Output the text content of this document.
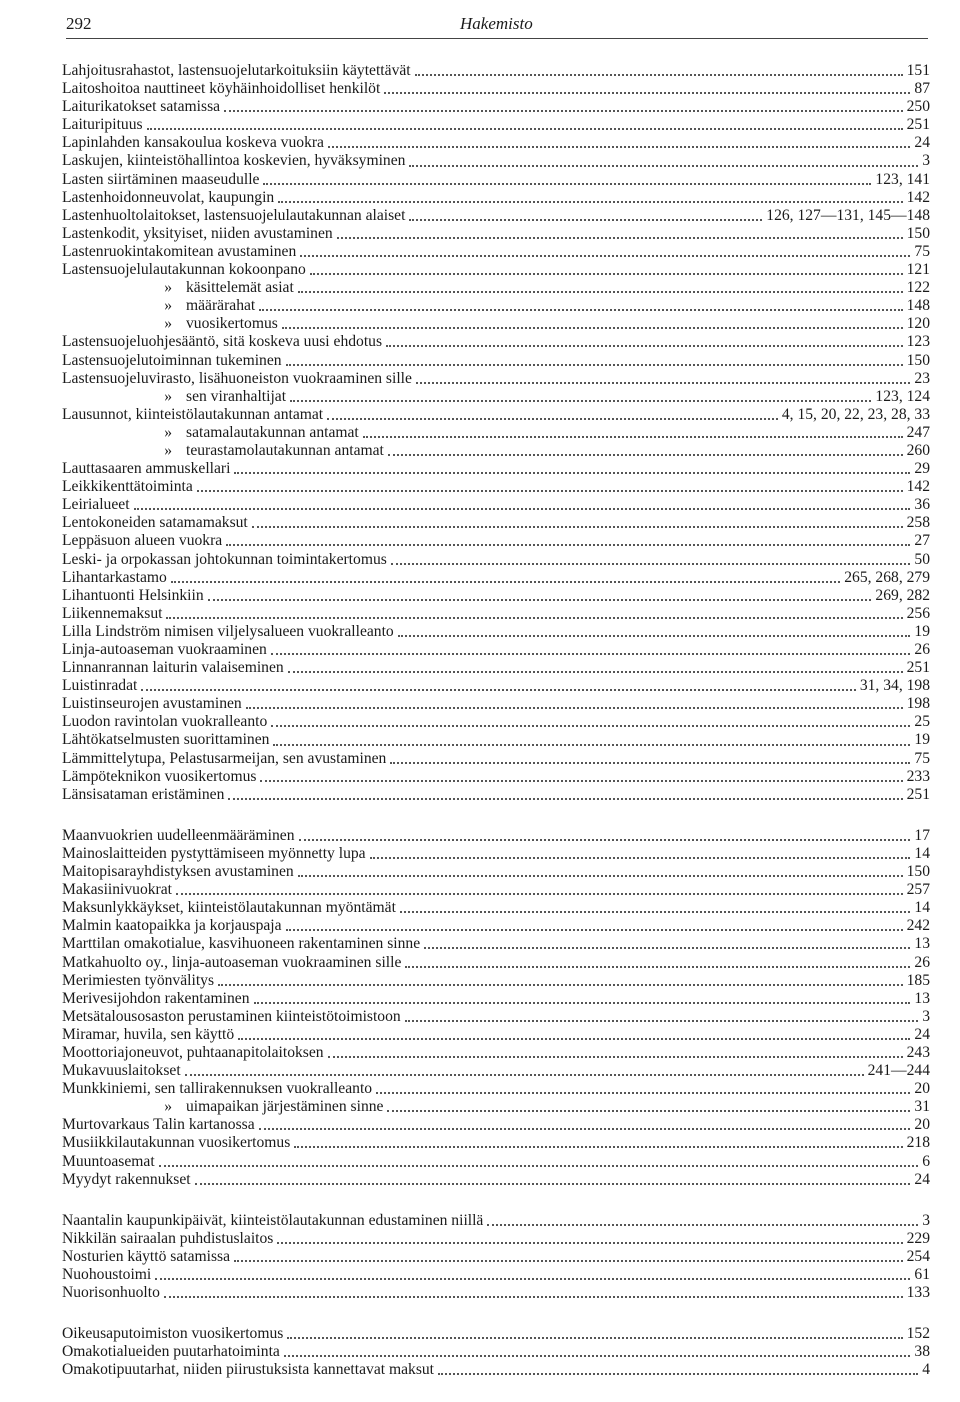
292	Hakemisto
Lahjoitusrahastot, lastensuojelutarkoituksiin käytettävät	151
Laitoshoitoa nauttineet köyhäinhoidolliset henkilöt	87
Laiturikatokset satamissa	250
Laituripituus	251
Lapinlahden kansakoulua koskeva vuokra	24
Laskujen, kiinteistöhallintoa koskevien, hyväksyminen	3
Lasten siirtäminen maaseudulle	123, 141
Lastenhoidonneuvolat, kaupungin	142
Lastenhuoltolaitokset, lastensuojelulautakunnan alaiset	126, 127—131, 145—148
Lastenkodit, yksityiset, niiden avustaminen	150
Lastenruokintakomitean avustaminen	75
Lastensuojelulautakunnan kokoonpano	121
» käsittelemät asiat	122
» määrärahat	148
» vuosikertomus	120
Lastensuojeluohjesääntö, sitä koskeva uusi ehdotus	123
Lastensuojelutoiminnan tukeminen	150
Lastensuojeluvirasto, lisähuoneiston vuokraaminen sille	23
» sen viranhaltijat	123, 124
Lausunnot, kiinteistölautakunnan antamat	4, 15, 20, 22, 23, 28, 33
» satamalautakunnan antamat	247
» teurastamolautakunnan antamat	260
Lauttasaaren ammuskellari	29
Leikkikenttätoiminta	142
Leirialueet	36
Lentokoneiden satamamaksut	258
Leppäsuon alueen vuokra	27
Leski- ja orpokassan johtokunnan toimintakertomus	50
Lihantarkastamo	265, 268, 279
Lihantuonti Helsinkiin	269, 282
Liikennemaksut	256
Lilla Lindström nimisen viljelysalueen vuokralleanto	19
Linja-autoaseman vuokraaminen	26
Linnanrannan laiturin valaiseminen	251
Luistinradat	31, 34, 198
Luistinseurojen avustaminen	198
Luodon ravintolan vuokralleanto	25
Lähtökatselmusten suorittaminen	19
Lämmittelytupa, Pelastusarmeijan, sen avustaminen	75
Lämpöteknikon vuosikertomus	233
Länsisataman eristäminen	251
Maanvuokrien uudelleenmääräminen	17
Mainoslaitteiden pystyttämiseen myönnetty lupa	14
Maitopisarayhdistyksen avustaminen	150
Makasiinivuokrat	257
Maksunlykkäykset, kiinteistölautakunnan myöntämät	14
Malmin kaatopaikka ja korjauspaja	242
Marttilan omakotialue, kasvihuoneen rakentaminen sinne	13
Matkahuolto oy., linja-autoaseman vuokraaminen sille	26
Merimiesten työnvälitys	185
Merivesijohdon rakentaminen	13
Metsätalousosaston perustaminen kiinteistötoimistoon	3
Miramar, huvila, sen käyttö	24
Moottoriajoneuvot, puhtaanapitolaitoksen	243
Mukavuuslaitokset	241—244
Munkkiniemi, sen tallirakennuksen vuokralleanto	20
» uimapaikan järjestäminen sinne	31
Murtovarkaus Talin kartanossa	20
Musiikkilautakunnan vuosikertomus	218
Muuntoasemat	6
Myydyt rakennukset	24
Naantalin kaupunkipäivät, kiinteistölautakunnan edustaminen niillä	3
Nikkilän sairaalan puhdistuslaitos	229
Nosturien käyttö satamissa	254
Nuohoustoimi	61
Nuorisonhuolto	133
Oikeusaputoimiston vuosikertomus	152
Omakotialueiden puutarhatoiminta	38
Omakotipuutarhat, niiden piirustuksista kannettavat maksut	4
